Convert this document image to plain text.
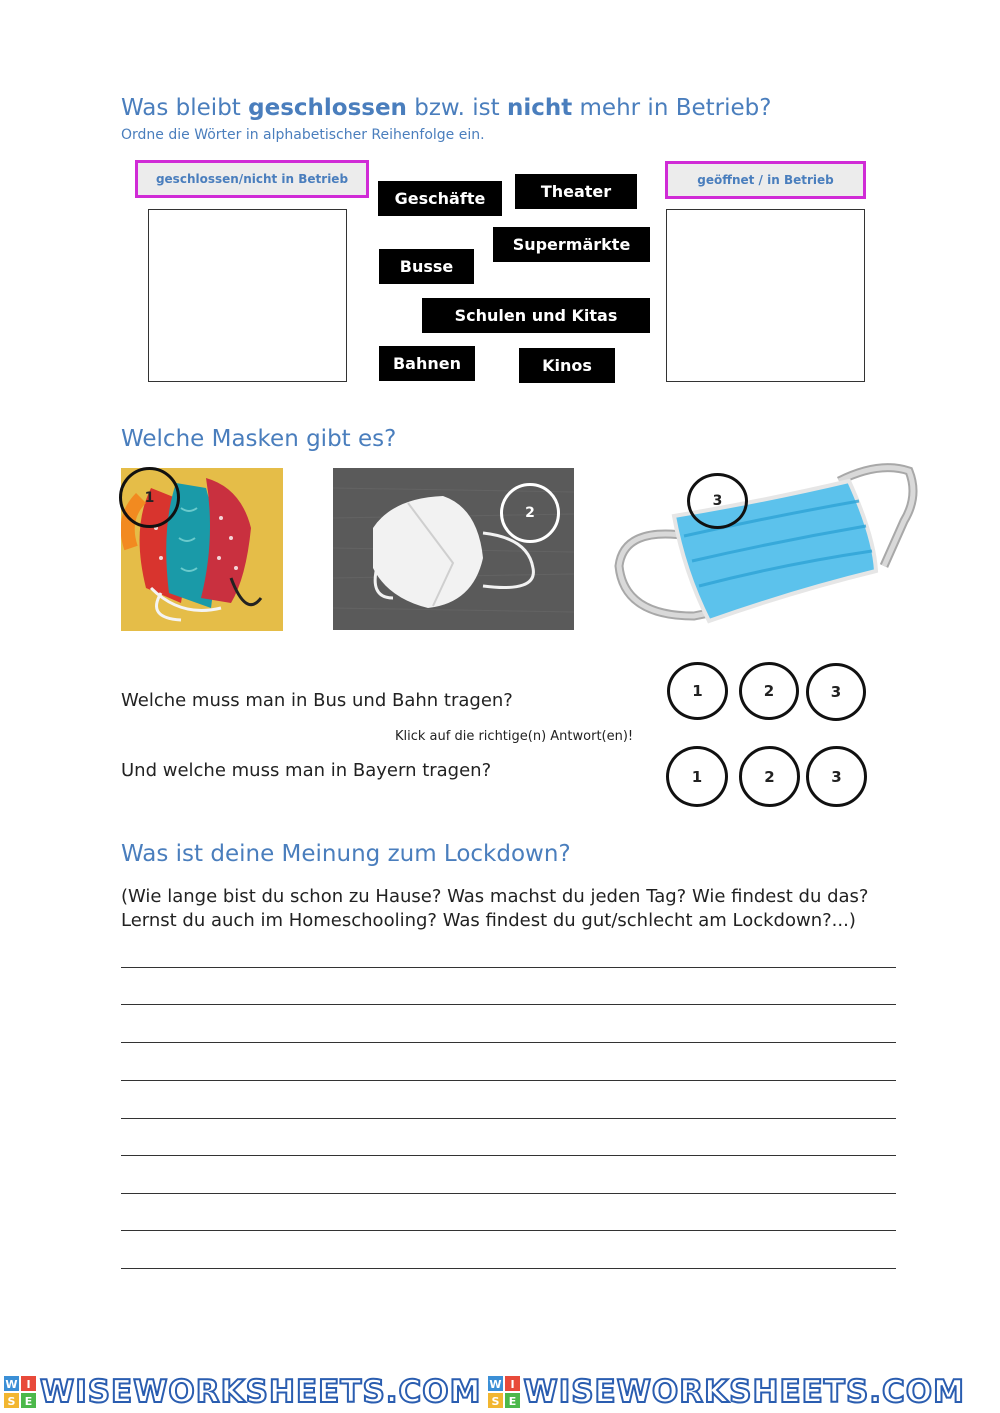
Was bleibt geschlossen bzw. ist nicht mehr in Betrieb?
Ordne die Wörter in alphabetischer Reihenfolge ein.
geschlossen/nicht in Betrieb	geöffnet / in Betrieb
Geschäfte	Theater
Supermärkte
Busse
Schulen und Kitas
Bahnen	Kinos
Welche Masken gibt es?
1
2
3
Welche muss man in Bus und Bahn tragen?
Klick auf die richtige(n) Antwort(en)!
Und welche muss man in Bayern tragen?
1	2	3
1	2	3
Was ist deine Meinung zum Lockdown?
(Wie lange bist du schon zu Hause? Was machst du jeden Tag? Wie findest du das?
Lernst du auch im Homeschooling? Was findest du gut/schlecht am Lockdown?...)
W I
S E WISEWORKSHEETS.COM W I
S E WISEWORKSHEETS.COM
